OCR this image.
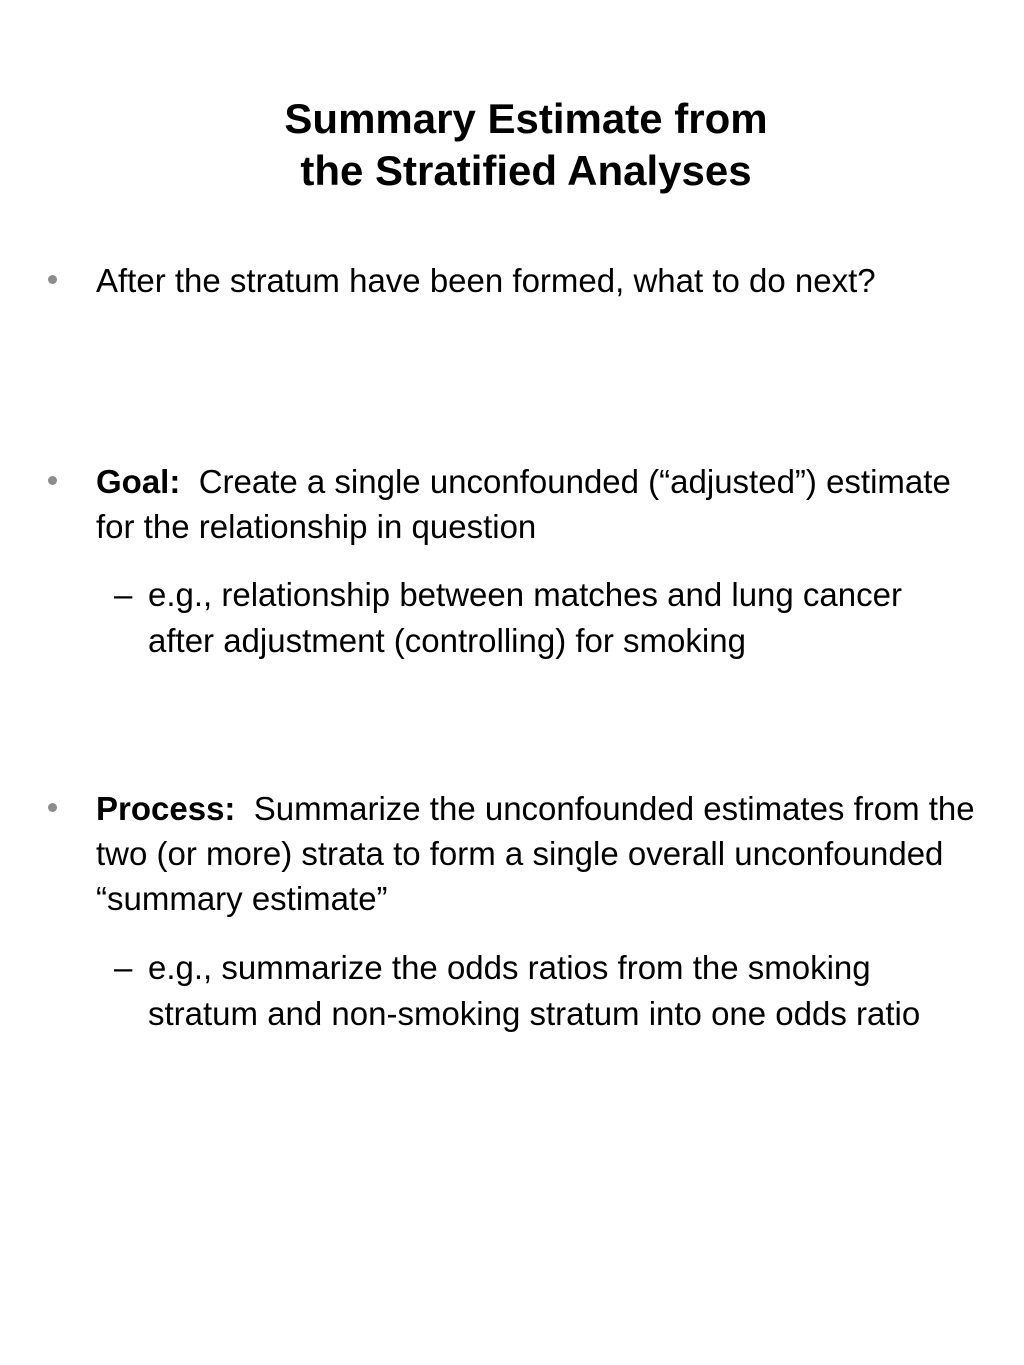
Summary Estimate from
the Stratified Analyses
After the stratum have been formed, what to do next?
Goal: Create a single unconfounded (“adjusted”) estimate for the relationship in question
– e.g., relationship between matches and lung cancer after adjustment (controlling) for smoking
Process: Summarize the unconfounded estimates from the two (or more) strata to form a single overall unconfounded “summary estimate”
– e.g., summarize the odds ratios from the smoking stratum and non-smoking stratum into one odds ratio
